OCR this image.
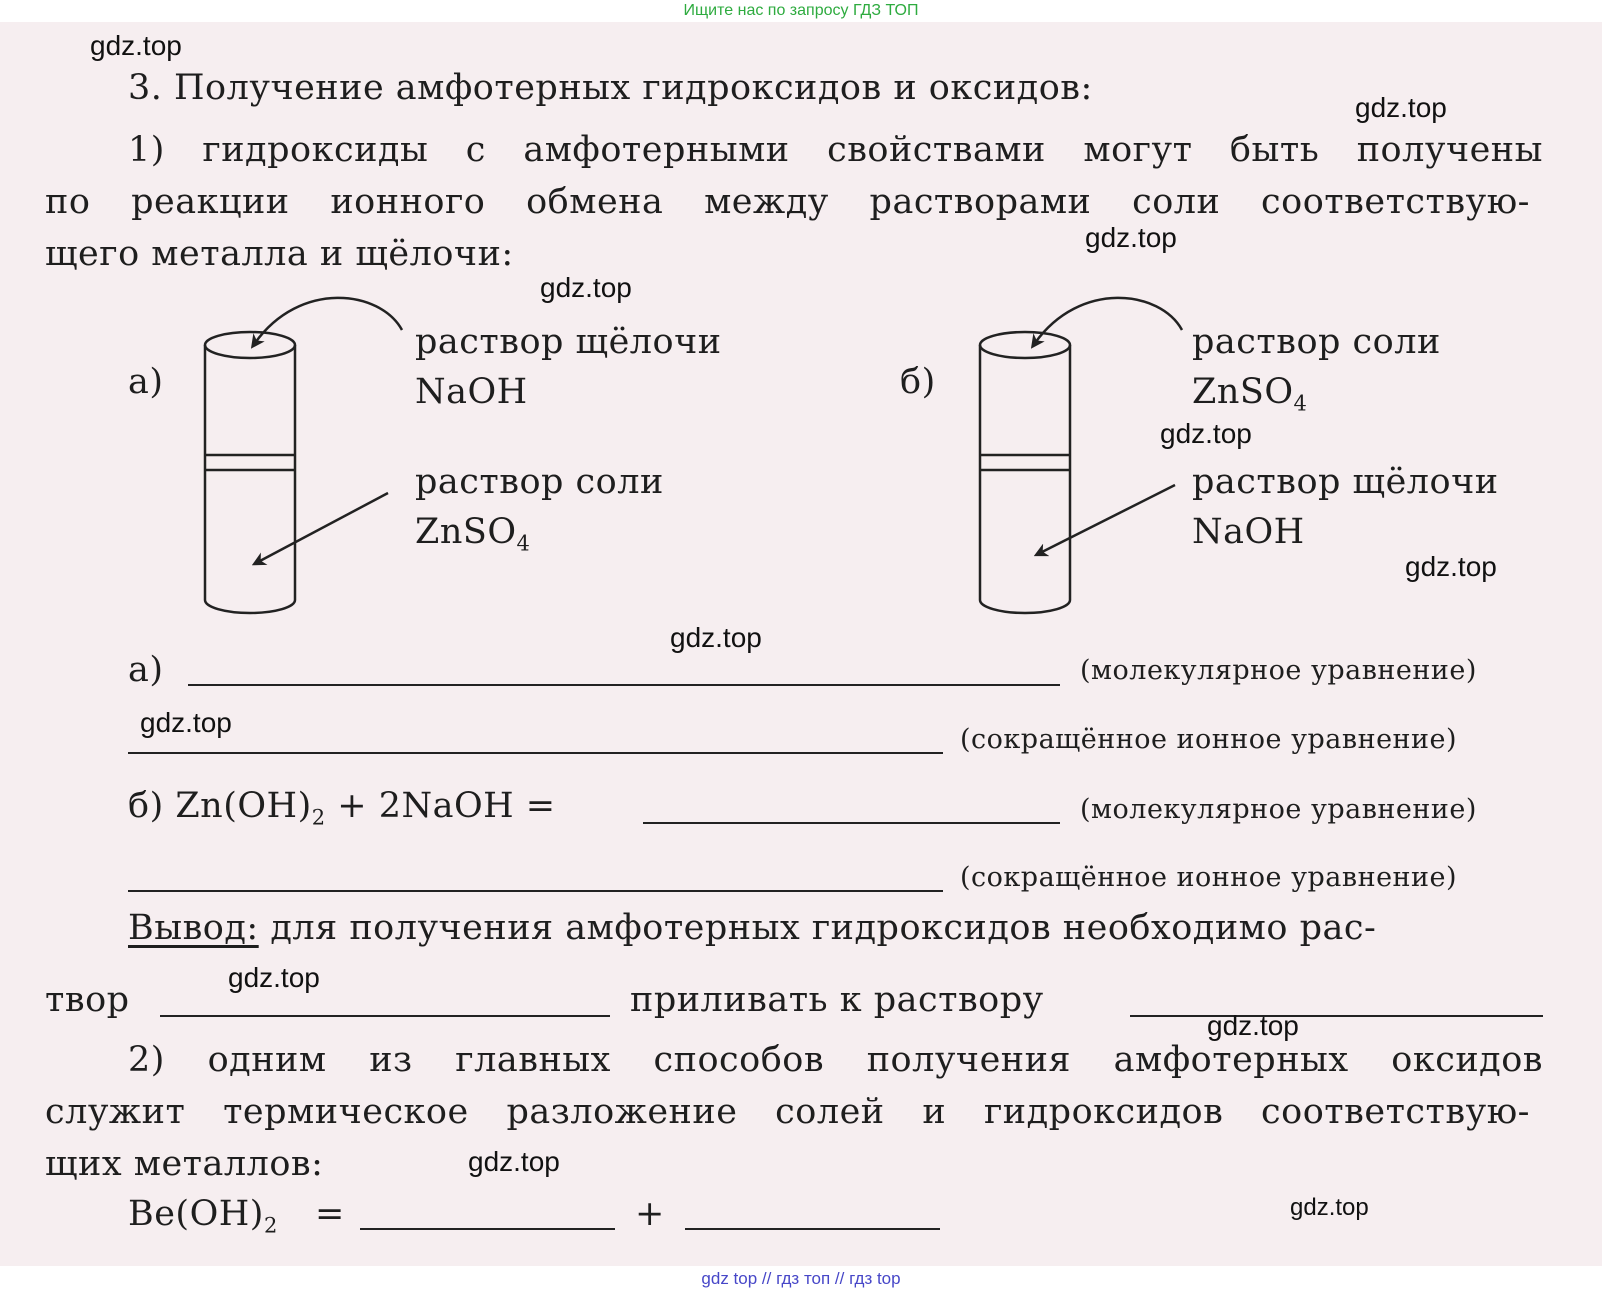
Ищите нас по запросу ГДЗ ТОП
3. Получение амфотерных гидроксидов и оксидов:
1) гидроксиды с амфотерными свойствами могут быть получены
по реакции ионного обмена между растворами соли соответствую-
щего металла и щёлочи:
а)	б)
раствор щёлочи
NaOH
раствор соли
ZnSO$_4$
раствор соли
ZnSO$_4$
раствор щёлочи
NaOH
а)	(молекулярное уравнение)
(сокращённое ионное уравнение)
б) $Zn(OH)_2$ + 2NaOH =	(молекулярное уравнение)
(сокращённое ионное уравнение)
Вывод: для получения амфотерных гидроксидов необходимо рас-
твор	приливать к раствору
2) одним из главных способов получения амфотерных оксидов
служит термическое разложение солей и гидроксидов соответствую-
щих металлов:
$Be(OH)_2$ =	+
gdz.top
gdz.top
gdz.top
gdz.top
gdz.top
gdz.top
gdz.top
gdz.top
gdz.top
gdz.top
gdz.top
gdz.top
gdz top // гдз топ // гдз top
